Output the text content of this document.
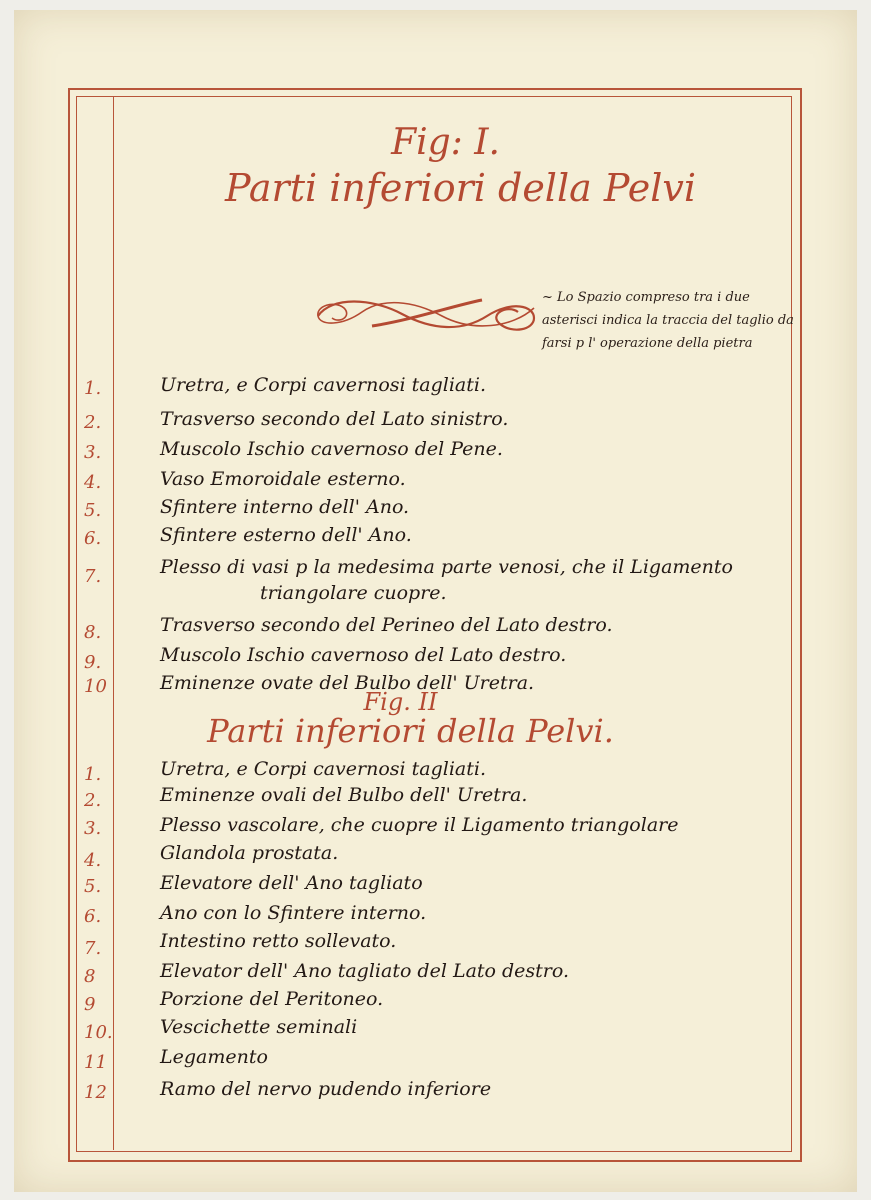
Fig: I.
Parti inferiori della Pelvi
~ Lo Spazio compreso tra i due asterisci indica la traccia del taglio da farsi p l' operazione della pietra
1.	Uretra, e Corpi cavernosi tagliati.
2.	Trasverso secondo del Lato sinistro.
3.	Muscolo Ischio cavernoso del Pene.
4.	Vaso Emoroidale esterno.
5.	Sfintere interno dell' Ano.
6.	Sfintere esterno dell' Ano.
7.	Plesso di vasi p la medesima parte venosi, che il Ligamento
triangolare cuopre.
8.	Trasverso secondo del Perineo del Lato destro.
9.	Muscolo Ischio cavernoso del Lato destro.
10	Eminenze ovate del Bulbo dell' Uretra.
Fig. II
Parti inferiori della Pelvi.
1.	Uretra, e Corpi cavernosi tagliati.
2.	Eminenze ovali del Bulbo dell' Uretra.
3.	Plesso vascolare, che cuopre il Ligamento triangolare
4.	Glandola prostata.
5.	Elevatore dell' Ano tagliato
6.	Ano con lo Sfintere interno.
7.	Intestino retto sollevato.
8	Elevator dell' Ano tagliato del Lato destro.
9	Porzione del Peritoneo.
10.	Vescichette seminali
11	Legamento
12	Ramo del nervo pudendo inferiore
